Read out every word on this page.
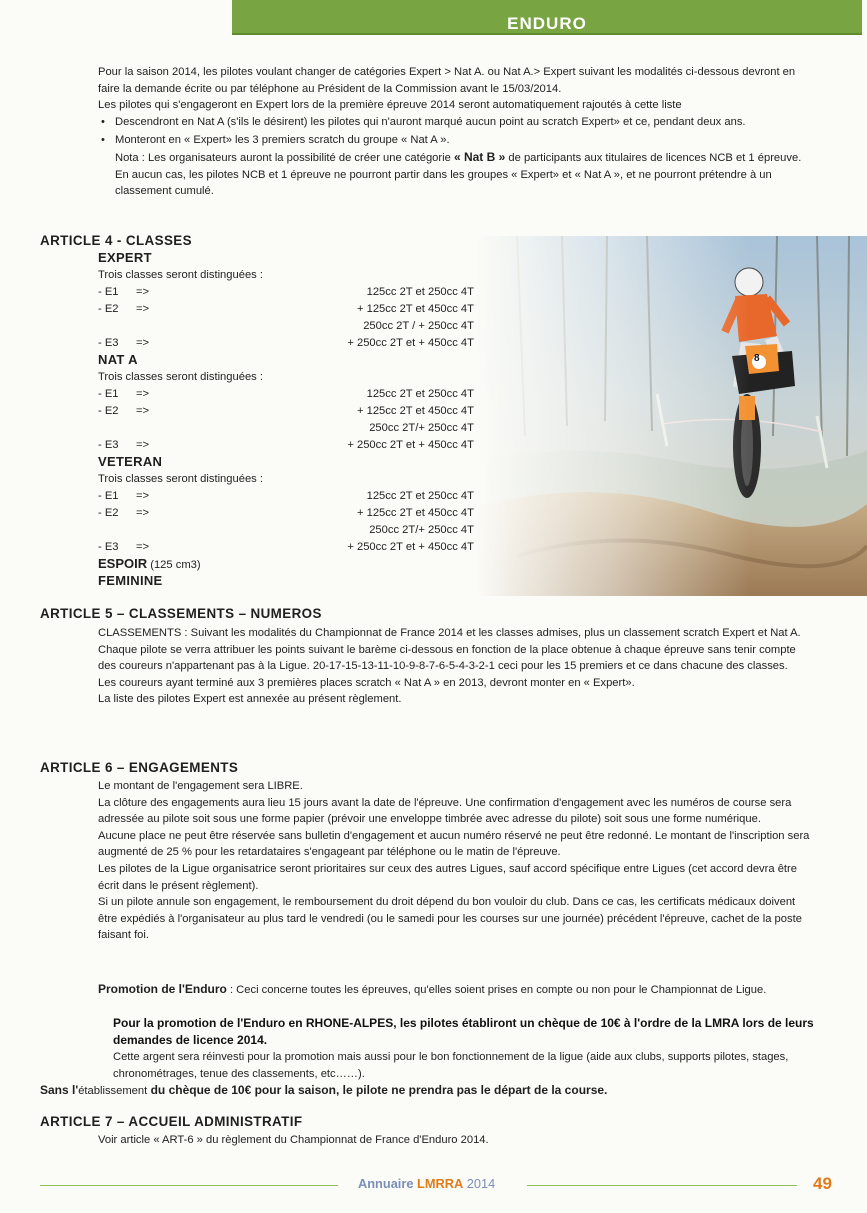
ENDURO

Pour la saison 2014, les pilotes voulant changer de catégories Expert > Nat A. ou Nat A.> Expert suivant les modalités ci-dessous devront en faire la demande écrite ou par téléphone au Président de la Commission avant le 15/03/2014.

Les pilotes qui s'engageront en Expert lors de la première épreuve 2014 seront automatiquement rajoutés à cette liste

• Descendront en Nat A (s'ils le désirent) les pilotes qui n'auront marqué aucun point au scratch Expert» et ce, pendant deux ans.

• Monteront en « Expert» les 3 premiers scratch du groupe « Nat A ».

Nota : Les organisateurs auront la possibilité de créer une catégorie « Nat B » de participants aux titulaires de licences NCB et 1 épreuve. En aucun cas, les pilotes NCB et 1 épreuve ne pourront partir dans les groupes « Expert» et « Nat A », et ne pourront prétendre à un classement cumulé.

ARTICLE 4 - CLASSES
8
EXPERT
Trois classes seront distinguées :
- E1 =>	125cc 2T et 250cc 4T
- E2 =>	+ 125cc 2T et 450cc 4T
250cc 2T / + 250cc 4T
- E3 =>	+ 250cc 2T et + 450cc 4T
NAT A
Trois classes seront distinguées :
- E1 =>	125cc 2T et 250cc 4T
- E2 =>	+ 125cc 2T et 450cc 4T
250cc 2T/+ 250cc 4T
- E3 =>	+ 250cc 2T et + 450cc 4T
VETERAN
Trois classes seront distinguées :
- E1 =>	125cc 2T et 250cc 4T
- E2 =>	+ 125cc 2T et 450cc 4T
250cc 2T/+ 250cc 4T
- E3 =>	+ 250cc 2T et + 450cc 4T
ESPOIR (125 cm3)
FEMININE
ARTICLE 5 – CLASSEMENTS – NUMEROS

CLASSEMENTS : Suivant les modalités du Championnat de France 2014 et les classes admises, plus un classement scratch Expert et Nat A.

Chaque pilote se verra attribuer les points suivant le barème ci-dessous en fonction de la place obtenue à chaque épreuve sans tenir compte des coureurs n'appartenant pas à la Ligue. 20-17-15-13-11-10-9-8-7-6-5-4-3-2-1 ceci pour les 15 premiers et ce dans chacune des classes.

Les coureurs ayant terminé aux 3 premières places scratch « Nat A » en 2013, devront monter en « Expert».

La liste des pilotes Expert est annexée au présent règlement.

ARTICLE 6 – ENGAGEMENTS

Le montant de l'engagement sera LIBRE.

La clôture des engagements aura lieu 15 jours avant la date de l'épreuve. Une confirmation d'engagement avec les numéros de course sera adressée au pilote soit sous une forme papier (prévoir une enveloppe timbrée avec adresse du pilote) soit sous une forme numérique.

Aucune place ne peut être réservée sans bulletin d'engagement et aucun numéro réservé ne peut être redonné. Le montant de l'inscription sera augmenté de 25 % pour les retardataires s'engageant par téléphone ou le matin de l'épreuve.

Les pilotes de la Ligue organisatrice seront prioritaires sur ceux des autres Ligues, sauf accord spécifique entre Ligues (cet accord devra être écrit dans le présent règlement).

Si un pilote annule son engagement, le remboursement du droit dépend du bon vouloir du club. Dans ce cas, les certificats médicaux doivent être expédiés à l'organisateur au plus tard le vendredi (ou le samedi pour les courses sur une journée) précédent l'épreuve, cachet de la poste faisant foi.

Promotion de l'Enduro : Ceci concerne toutes les épreuves, qu'elles soient prises en compte ou non pour le Championnat de Ligue.

Pour la promotion de l'Enduro en RHONE-ALPES, les pilotes établiront un chèque de 10€ à l'ordre de la LMRA lors de leurs demandes de licence 2014.

Cette argent sera réinvesti pour la promotion mais aussi pour le bon fonctionnement de la ligue (aide aux clubs, supports pilotes, stages, chronométrages, tenue des classements, etc……).

Sans l'établissement du chèque de 10€ pour la saison, le pilote ne prendra pas le départ de la course.
ARTICLE 7 – ACCUEIL ADMINISTRATIF

Voir article « ART-6 » du règlement du Championnat de France d'Enduro 2014.

Annuaire LMRRA 2014	49
